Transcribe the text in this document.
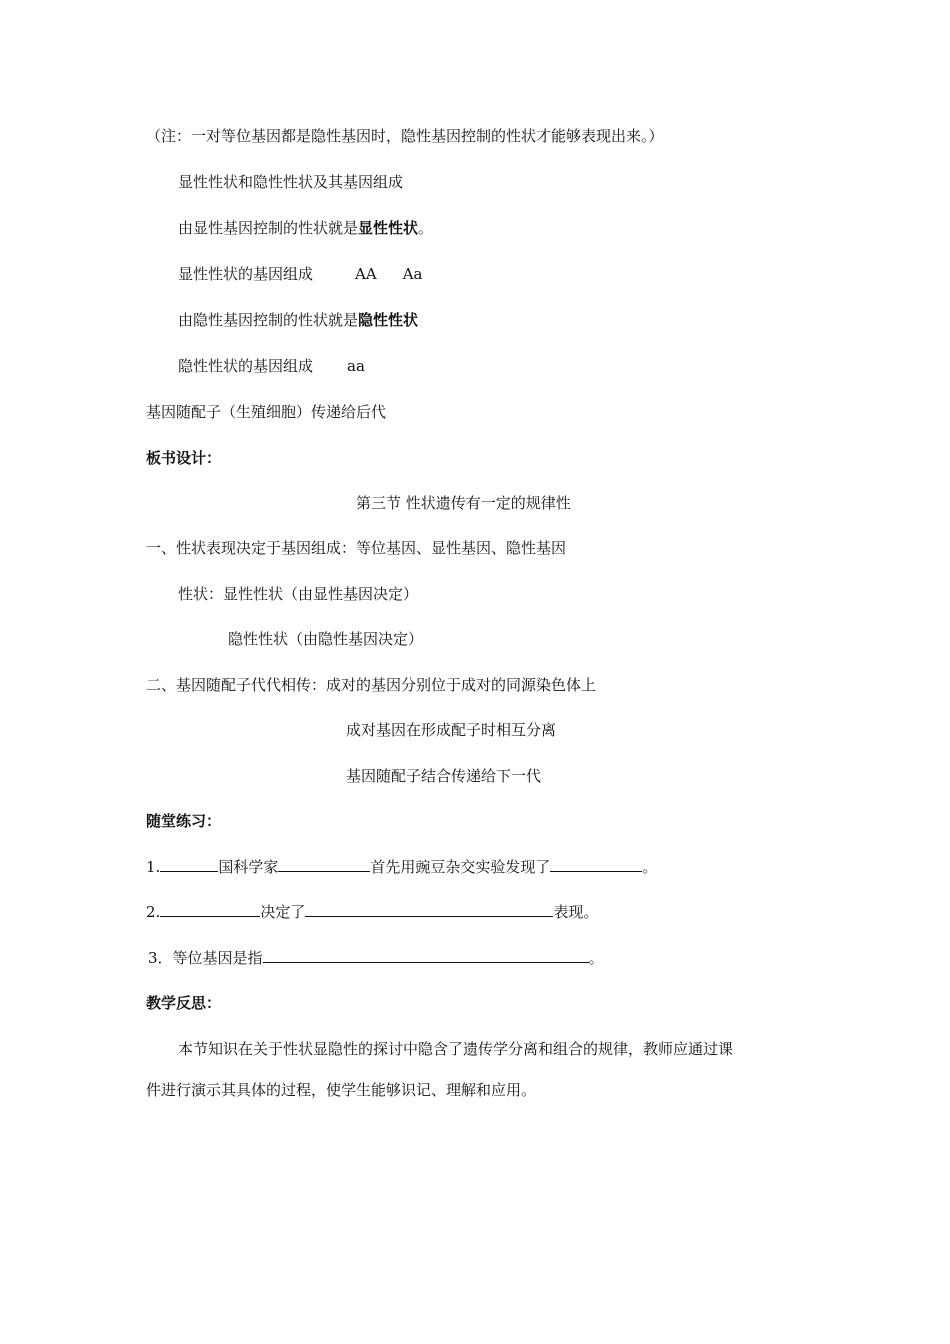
（注：一对等位基因都是隐性基因时，隐性基因控制的性状才能够表现出来。）
显性性状和隐性性状及其基因组成
由显性基因控制的性状就是显性性状。
显性性状的基因组成	AA Aa
由隐性基因控制的性状就是隐性性状
隐性性状的基因组成 aa
基因随配子（生殖细胞）传递给后代
板书设计：
第三节 性状遗传有一定的规律性
一、性状表现决定于基因组成：等位基因、显性基因、隐性基因
性状：显性性状（由显性基因决定）
隐性性状（由隐性基因决定）
二、基因随配子代代相传：成对的基因分别位于成对的同源染色体上
成对基因在形成配子时相互分离
基因随配子结合传递给下一代
随堂练习：
1.	国科学家	首先用豌豆杂交实验发现了	。
2.	决定了	表现。
3．等位基因是指	。
教学反思：
本节知识在关于性状显隐性的探讨中隐含了遗传学分离和组合的规律，教师应通过课
件进行演示其具体的过程，使学生能够识记、理解和应用。
